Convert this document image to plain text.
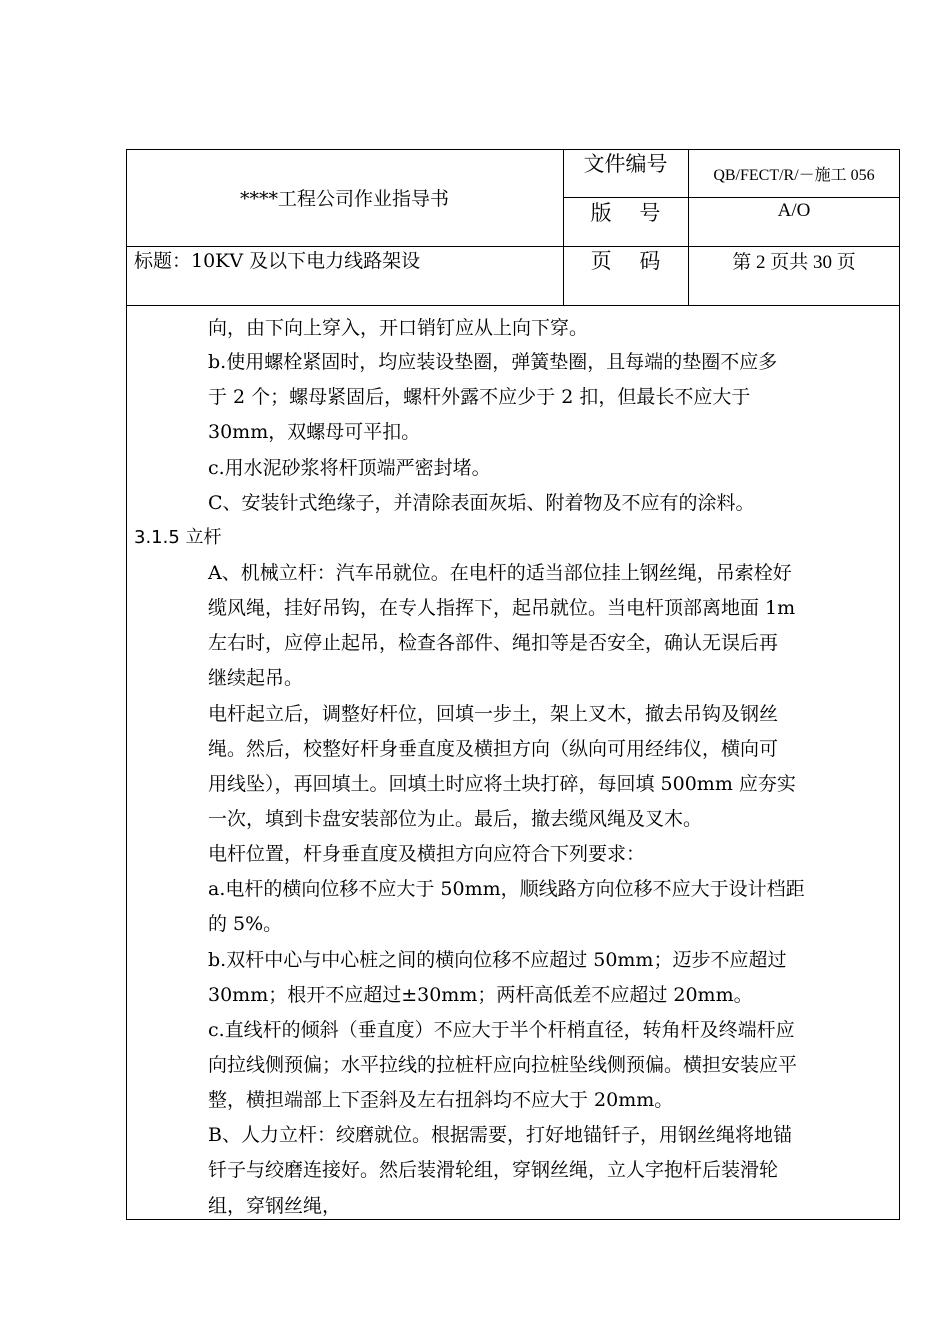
****工程公司作业指导书
文件编号	QB/FECT/R/－施工 056
版　 号	A/O
标题：10KV 及以下电力线路架设	页　 码	第 2 页共 30 页
向，由下向上穿入，开口销钉应从上向下穿。
b.使用螺栓紧固时，均应装设垫圈，弹簧垫圈，且每端的垫圈不应多
于 2 个；螺母紧固后，螺杆外露不应少于 2 扣，但最长不应大于
30mm，双螺母可平扣。
c.用水泥砂浆将杆顶端严密封堵。
C、安装针式绝缘子，并清除表面灰垢、附着物及不应有的涂料。
3.1.5 立杆
A、机械立杆：汽车吊就位。在电杆的适当部位挂上钢丝绳，吊索栓好
缆风绳，挂好吊钩，在专人指挥下，起吊就位。当电杆顶部离地面 1m
左右时，应停止起吊，检查各部件、绳扣等是否安全，确认无误后再
继续起吊。
电杆起立后，调整好杆位，回填一步土，架上叉木，撤去吊钩及钢丝
绳。然后，校整好杆身垂直度及横担方向（纵向可用经纬仪，横向可
用线坠），再回填土。回填土时应将土块打碎，每回填 500mm 应夯实
一次，填到卡盘安装部位为止。最后，撤去缆风绳及叉木。
电杆位置，杆身垂直度及横担方向应符合下列要求：
a.电杆的横向位移不应大于 50mm，顺线路方向位移不应大于设计档距
的 5%。
b.双杆中心与中心桩之间的横向位移不应超过 50mm；迈步不应超过
30mm；根开不应超过±30mm；两杆高低差不应超过 20mm。
c.直线杆的倾斜（垂直度）不应大于半个杆梢直径，转角杆及终端杆应
向拉线侧预偏；水平拉线的拉桩杆应向拉桩坠线侧预偏。横担安装应平
整，横担端部上下歪斜及左右扭斜均不应大于 20mm。
B、人力立杆：绞磨就位。根据需要，打好地锚钎子，用钢丝绳将地锚
钎子与绞磨连接好。然后装滑轮组，穿钢丝绳，立人字抱杆后装滑轮
组，穿钢丝绳，
